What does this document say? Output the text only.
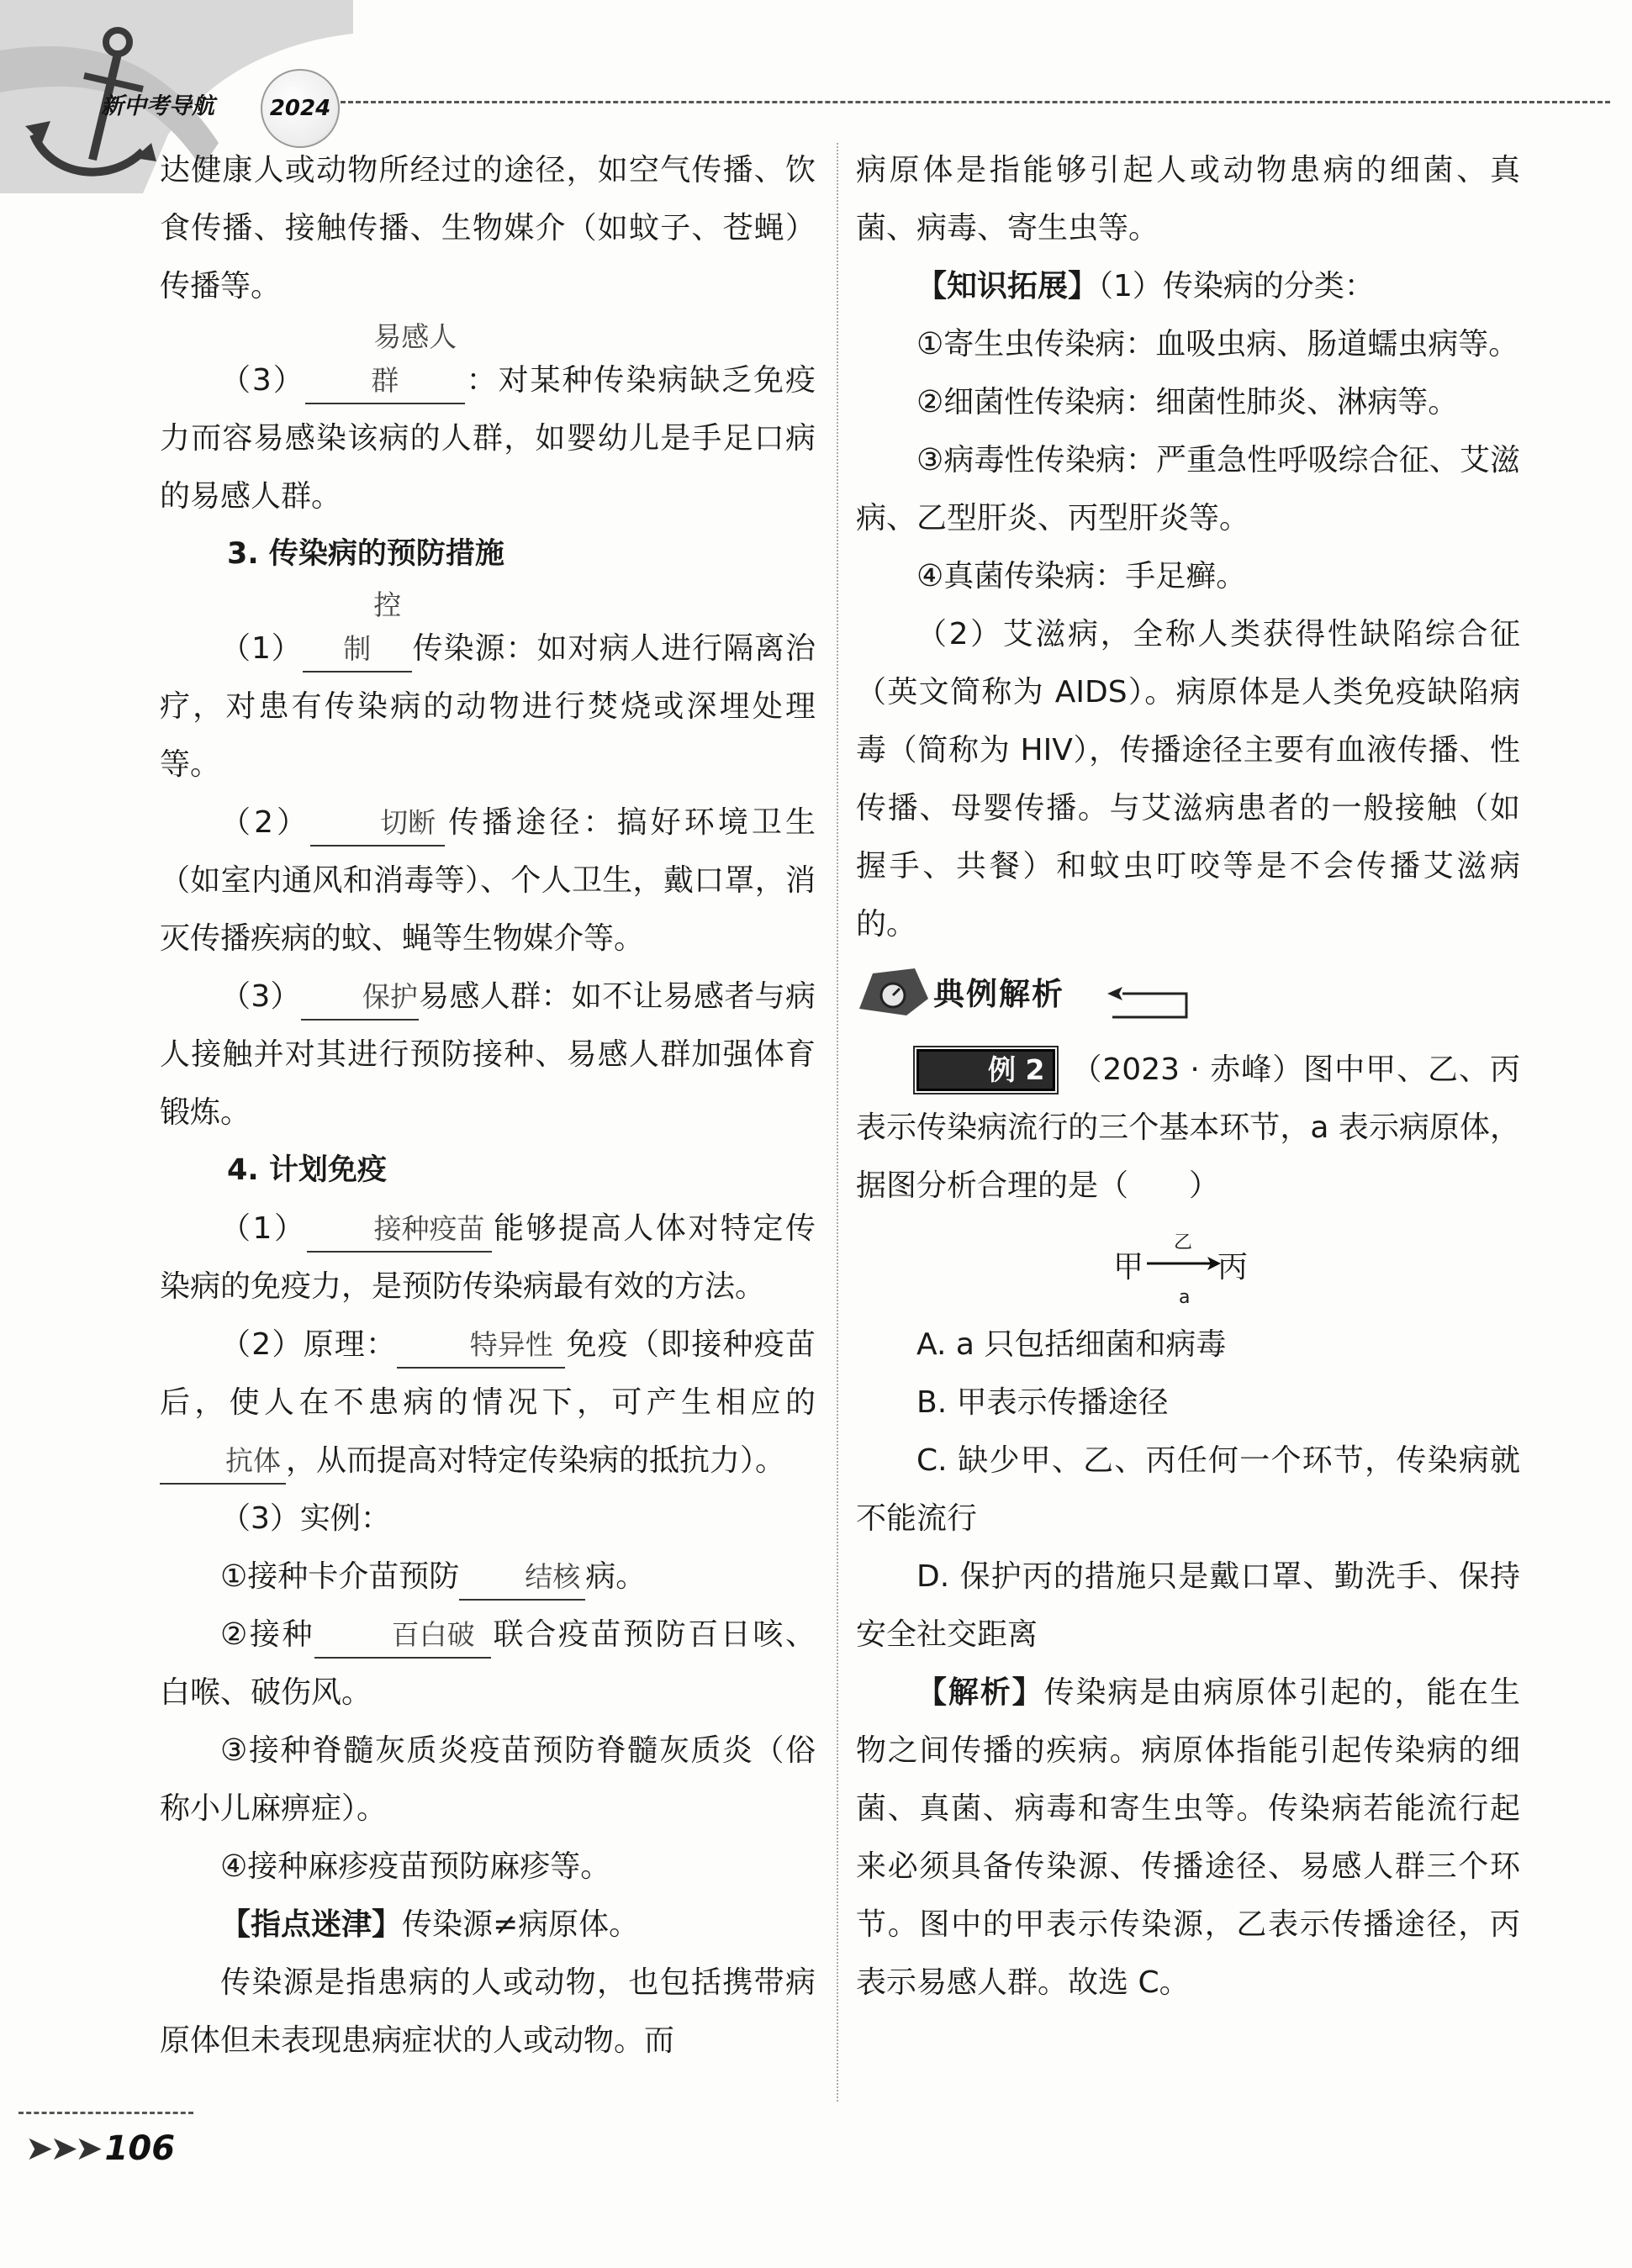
新中考导航	2024

达健康人或动物所经过的途径，如空气传播、饮食传播、接触传播、生物媒介（如蚊子、苍蝇）传播等。

（3）易感人群 ：对某种传染病缺乏免疫力而容易感染该病的人群，如婴幼儿是手足口病的易感人群。

3. 传染病的预防措施

（1）控制 传染源：如对病人进行隔离治疗，对患有传染病的动物进行焚烧或深埋处理等。

（2）	切断 传播途径：搞好环境卫生（如室内通风和消毒等）、个人卫生，戴口罩，消灭传播疾病的蚊、蝇等生物媒介等。

（3） 保护易感人群：如不让易感者与病人接触并对其进行预防接种、易感人群加强体育锻炼。

4. 计划免疫

（1） 接种疫苗 能够提高人体对特定传染病的免疫力，是预防传染病最有效的方法。

（2）原理：	特异性 免疫（即接种疫苗后，使人在不患病的情况下，可产生相应的抗体 ，从而提高对特定传染病的抵抗力）。

（3）实例：

①接种卡介苗预防 结核 病。

②接种	百白破 联合疫苗预防百日咳、白喉、破伤风。

③接种脊髓灰质炎疫苗预防脊髓灰质炎（俗称小儿麻痹症）。

④接种麻疹疫苗预防麻疹等。

【指点迷津】传染源≠病原体。

传染源是指患病的人或动物，也包括携带病原体但未表现患病症状的人或动物。而

病原体是指能够引起人或动物患病的细菌、真菌、病毒、寄生虫等。

【知识拓展】（1）传染病的分类：

①寄生虫传染病：血吸虫病、肠道蠕虫病等。

②细菌性传染病：细菌性肺炎、淋病等。

③病毒性传染病：严重急性呼吸综合征、艾滋病、乙型肝炎、丙型肝炎等。

④真菌传染病：手足癣。

（2）艾滋病，全称人类获得性缺陷综合征（英文简称为 AIDS）。病原体是人类免疫缺陷病毒（简称为 HIV），传播途径主要有血液传播、性传播、母婴传播。与艾滋病患者的一般接触（如握手、共餐）和蚊虫叮咬等是不会传播艾滋病的。

典例解析

例 2 （2023 · 赤峰）图中甲、乙、丙表示传染病流行的三个基本环节，a 表示病原体，据图分析合理的是（　　）

甲
乙
a
丙

A. a 只包括细菌和病毒

B. 甲表示传播途径

C. 缺少甲、乙、丙任何一个环节，传染病就不能流行

D. 保护丙的措施只是戴口罩、勤洗手、保持安全社交距离

【解析】传染病是由病原体引起的，能在生物之间传播的疾病。病原体指能引起传染病的细菌、真菌、病毒和寄生虫等。传染病若能流行起来必须具备传染源、传播途径、易感人群三个环节。图中的甲表示传染源，乙表示传播途径，丙表示易感人群。故选 C。

➤➤➤ 106
